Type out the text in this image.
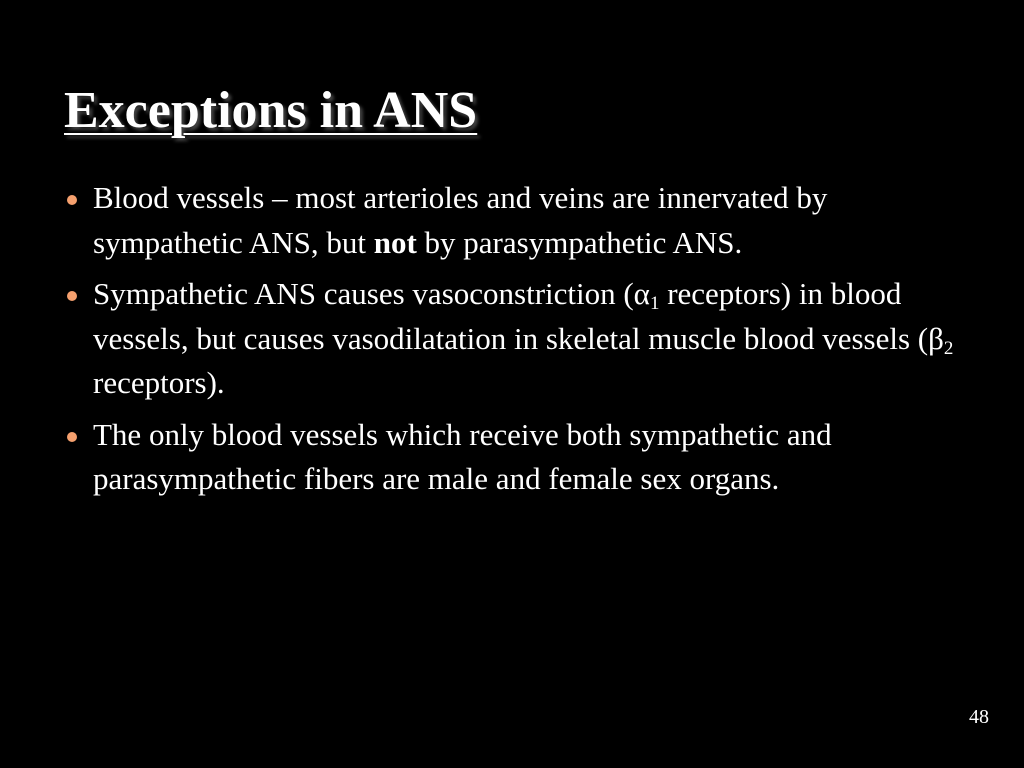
Exceptions in ANS
Blood vessels – most arterioles and veins are innervated by sympathetic ANS, but not by parasympathetic ANS.
Sympathetic ANS causes vasoconstriction ($\alpha_1$ receptors) in blood vessels, but causes vasodilatation in skeletal muscle blood vessels ($\beta_2$ receptors).
The only blood vessels which receive both sympathetic and parasympathetic fibers are male and female sex organs.
48
